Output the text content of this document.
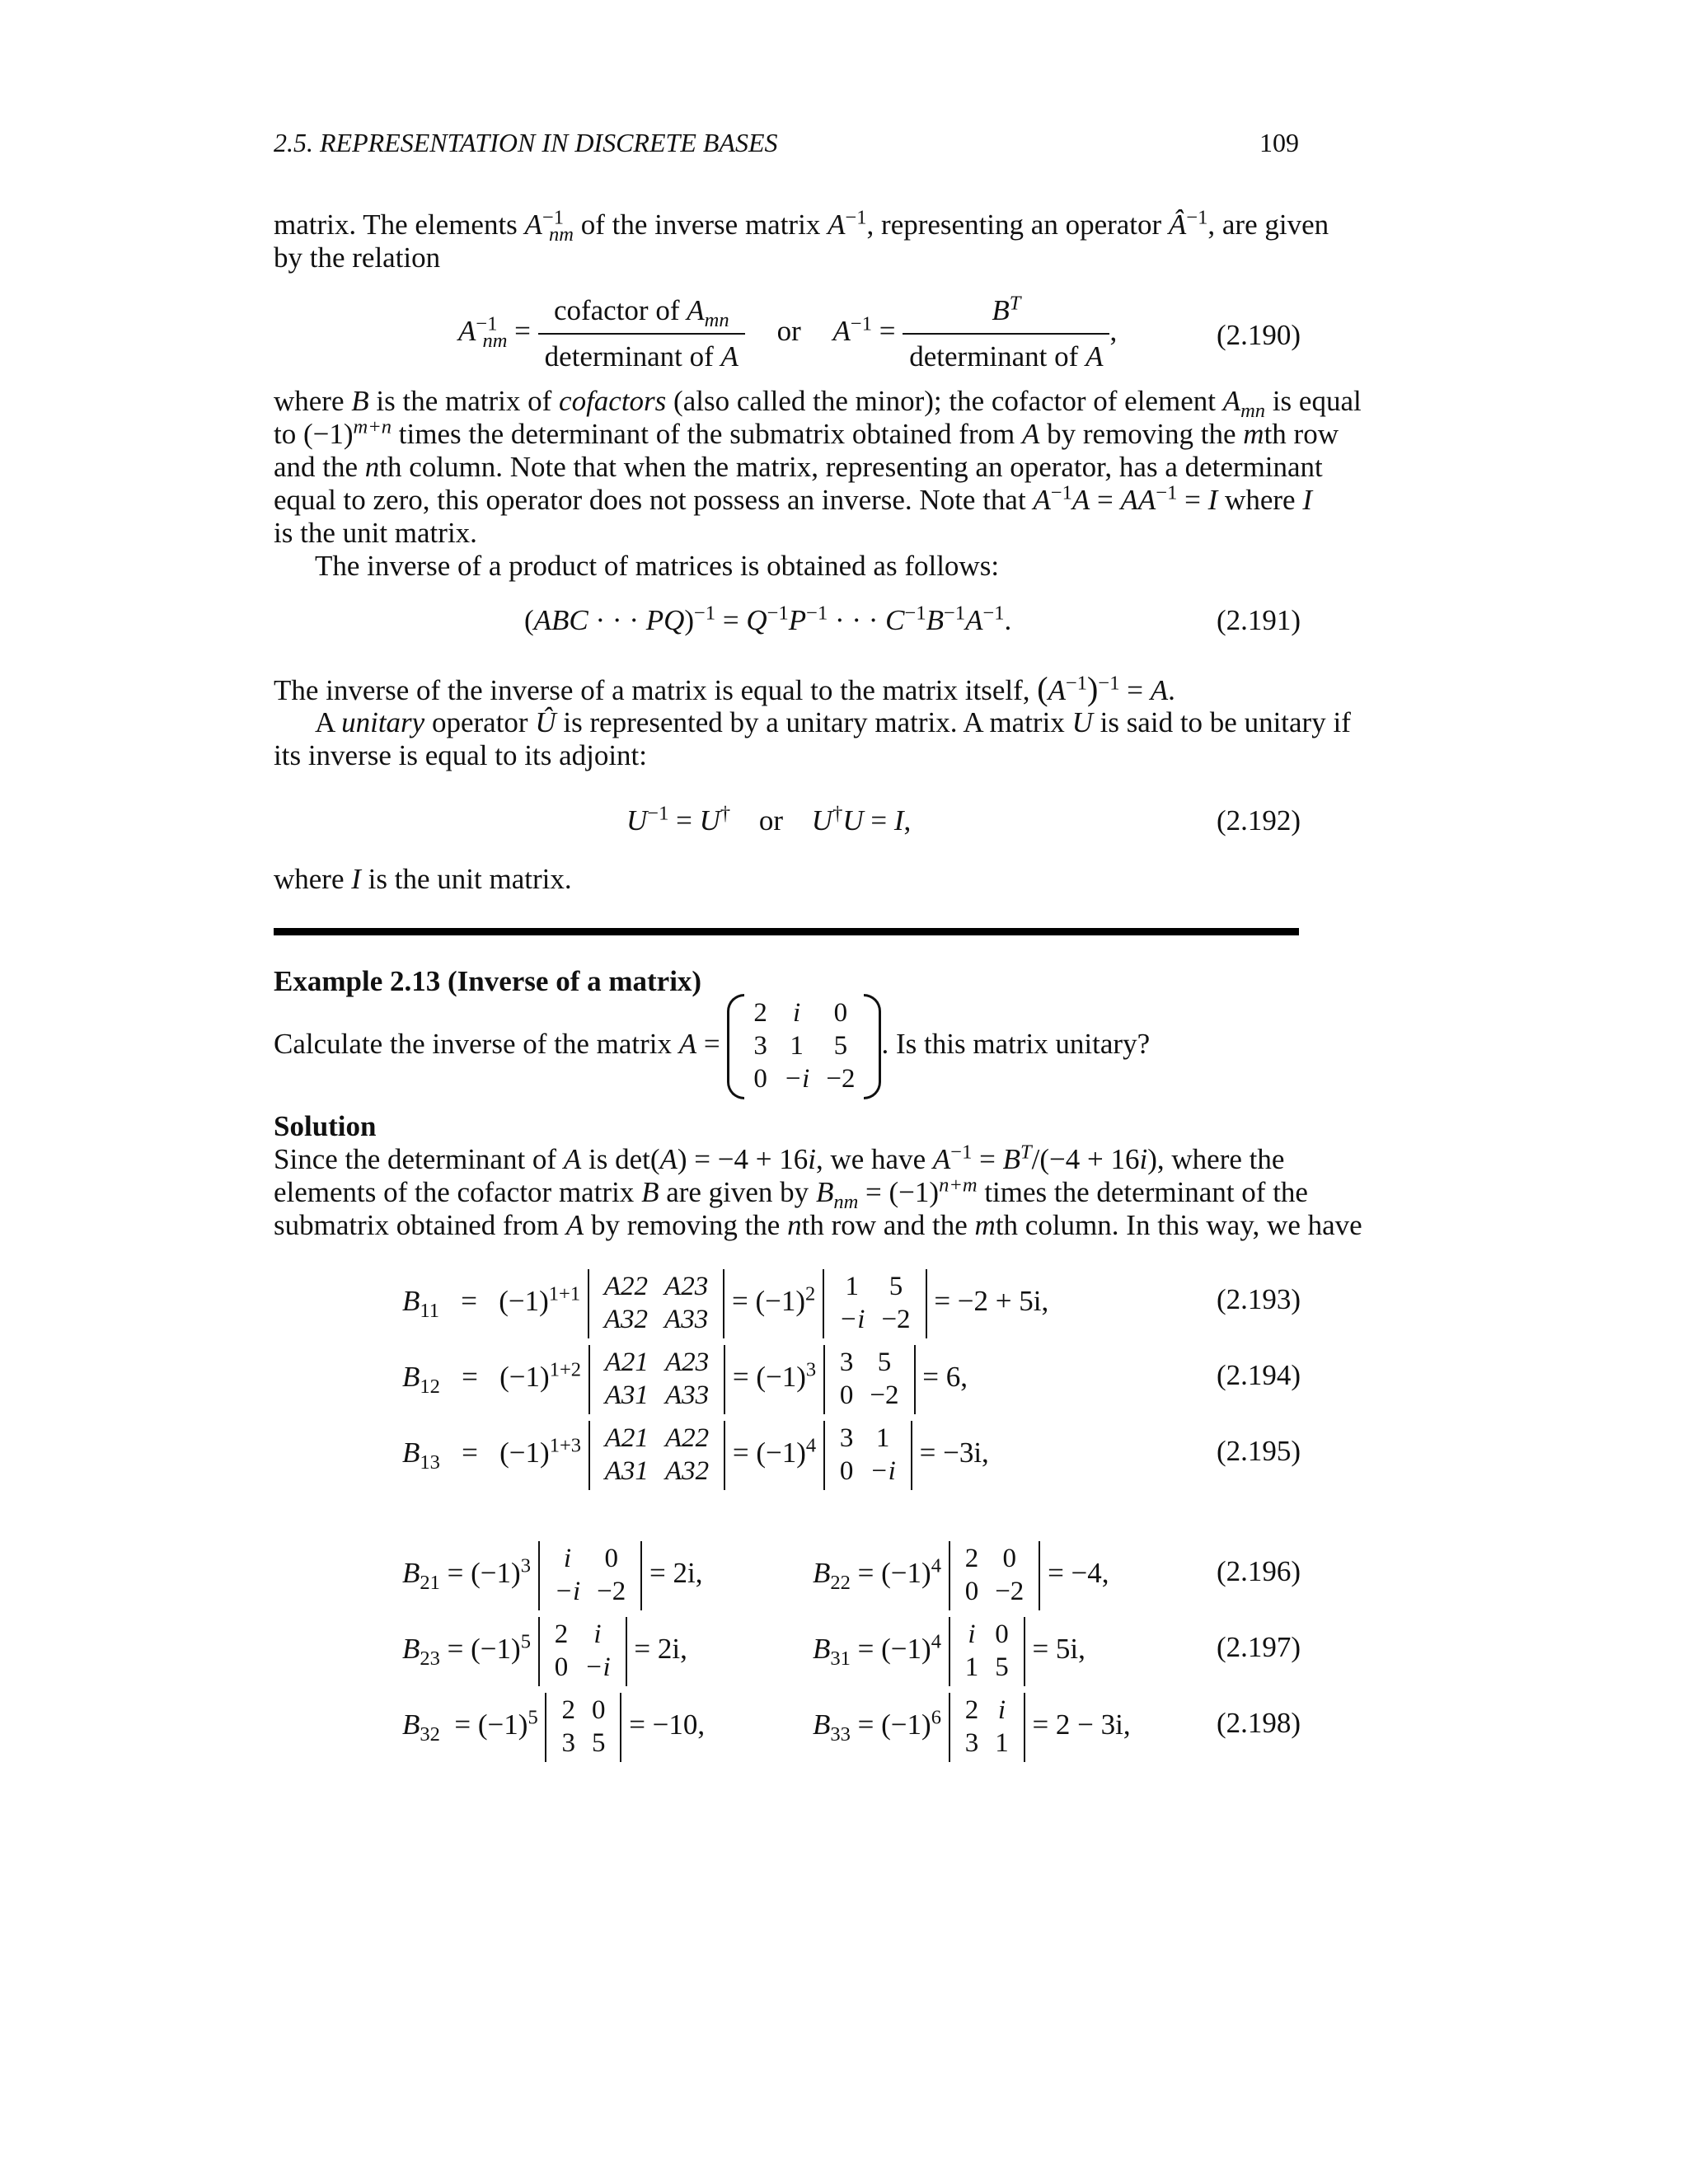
2.5. REPRESENTATION IN DISCRETE BASES	109
matrix. The elements $A^{-1}_{nm}$ of the inverse matrix $A^{-1}$, representing an operator $Â^{-1}$, are given
by the relation
$A^{-1}_{nm} = \frac{cofactor of A_{mn}}{\text{determinant of A}}$ or $A^{-1} = \frac{B^T}{\text{determinant of A}}$ ,	(2.190)
where B is the matrix of cofactors (also called the minor); the cofactor of element $A_{mn}$ is equal
to $(-1)^{m+n}$ times the determinant of the submatrix obtained from A by removing the mth row
and the nth column. Note that when the matrix, representing an operator, has a determinant
equal to zero, this operator does not possess an inverse. Note that $A^{-1}A = AA^{-1} = I$ where I
is the unit matrix.
The inverse of a product of matrices is obtained as follows:
(ABC · · · $PQ)^{-1} = Q^{-1}P^{-1}$ · · · $C^{-1}B^{-1}A^{-1}$.	(2.191)
The inverse of the inverse of a matrix is equal to the matrix itself, $(A^{-1})^{-1} = A$.
A unitary operator Û is represented by a unitary matrix. A matrix U is said to be unitary if
its inverse is equal to its adjoint:
$U^{-1} = U^\dagger$ or U†U = I,	(2.192)
where I is the unit matrix.
Example 2.13 (Inverse of a matrix)
Calculate the inverse of the matrix A =
2	i	0
3	1	5
0	−i	−2
. Is this matrix unitary?
Solution
Since the determinant of A is det(A) = −4 + 16i, we have $A^{-1} = B^T/(-4 + 16i)$, where the
elements of the cofactor matrix B are given by $B_{nm} = (-1)^{n+m}$ times the determinant of the
submatrix obtained from A by removing the nth row and the mth column. In this way, we have
$B_{11} = (-1)^{1+1}$ A22	A23
A32	A33
= $(-1)^2$ 1	5
−i	−2
= −2 + 5i,	(2.193)
$B_{12} = (-1)^{1+2}$ A21	A23
A31	A33
= $(-1)^3$ 3	5
0	−2
= 6,	(2.194)
$B_{13} = (-1)^{1+3}$ A21	A22
A31	A32
= $(-1)^4$ 3	1
0	−i
= −3i,	(2.195)
$B_{21} = (-1)^3$ i	0
−i	−2
= 2i,	$B_{22} = (-1)^4$ 2	0
0	−2
= −4,	(2.196)
$B_{23} = (-1)^5$ 2	i
0	−i
= 2i,	$B_{31} = (-1)^4$ i	0
1	5
= 5i,	(2.197)
$B_{32} = (-1)^5$ 2	0
3	5
= −10,	$B_{33} = (-1)^6$ 2	i
3	1
= 2 − 3i,	(2.198)
